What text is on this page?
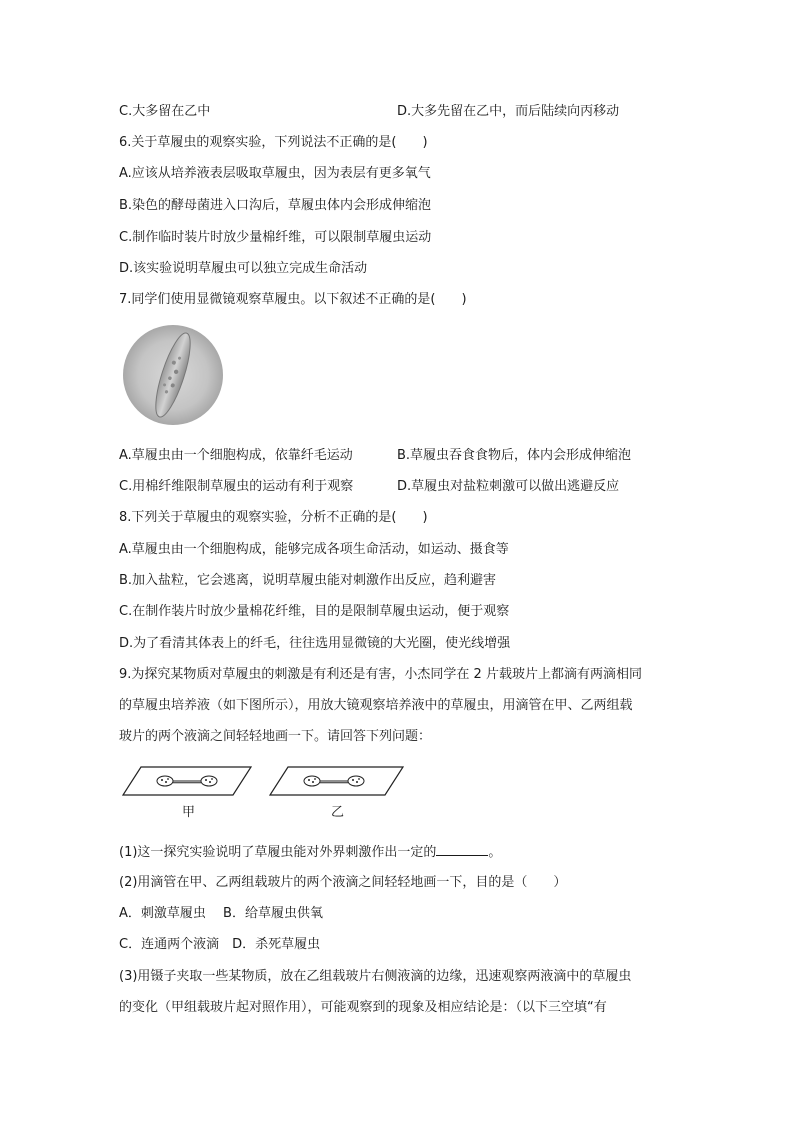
C.大多留在乙中	D.大多先留在乙中，而后陆续向丙移动
6.关于草履虫的观察实验，下列说法不正确的是(　　)
A.应该从培养液表层吸取草履虫，因为表层有更多氧气
B.染色的酵母菌进入口沟后，草履虫体内会形成伸缩泡
C.制作临时装片时放少量棉纤维，可以限制草履虫运动
D.该实验说明草履虫可以独立完成生命活动
7.同学们使用显微镜观察草履虫。以下叙述不正确的是(　　)
A.草履虫由一个细胞构成，依靠纤毛运动	B.草履虫吞食食物后，体内会形成伸缩泡
C.用棉纤维限制草履虫的运动有利于观察	D.草履虫对盐粒刺激可以做出逃避反应
8.下列关于草履虫的观察实验，分析不正确的是(　　)
A.草履虫由一个细胞构成，能够完成各项生命活动，如运动、摄食等
B.加入盐粒，它会逃离，说明草履虫能对刺激作出反应，趋利避害
C.在制作装片时放少量棉花纤维，目的是限制草履虫运动，便于观察
D.为了看清其体表上的纤毛，往往选用显微镜的大光圈，使光线增强
9.为探究某物质对草履虫的刺激是有利还是有害，小杰同学在 2 片载玻片上都滴有两滴相同
的草履虫培养液（如下图所示），用放大镜观察培养液中的草履虫，用滴管在甲、乙两组载
玻片的两个液滴之间轻轻地画一下。请回答下列问题：
甲	乙
(1)这一探究实验说明了草履虫能对外界刺激作出一定的	。
(2)用滴管在甲、乙两组载玻片的两个液滴之间轻轻地画一下，目的是（　　）
A．刺激草履虫　 B．给草履虫供氧
C．连通两个液滴　D．杀死草履虫
(3)用镊子夹取一些某物质，放在乙组载玻片右侧液滴的边缘，迅速观察两液滴中的草履虫
的变化（甲组载玻片起对照作用），可能观察到的现象及相应结论是：（以下三空填“有
